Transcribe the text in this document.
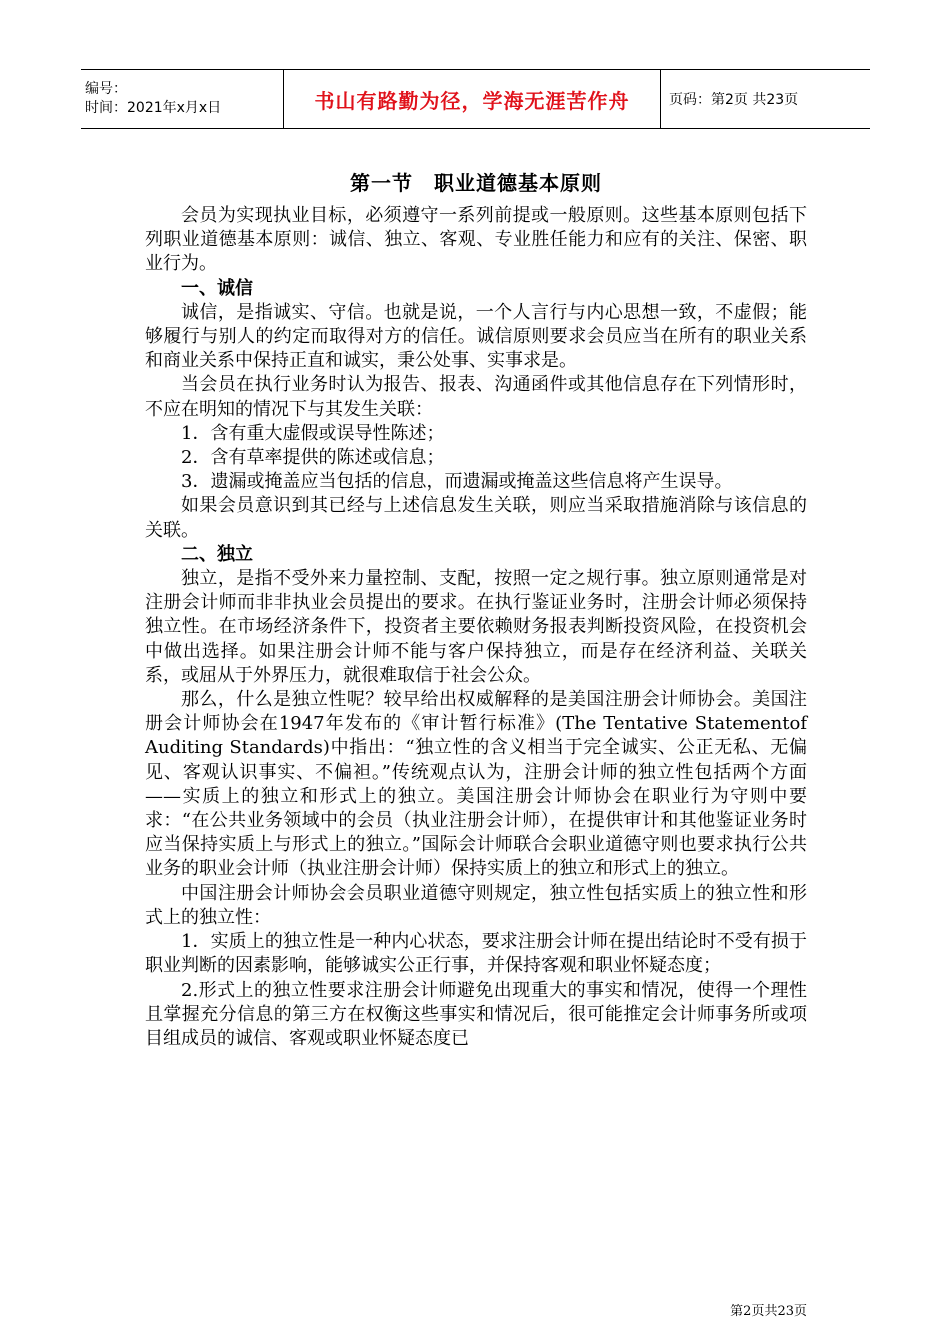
编号：
时间：2021年x月x日	书山有路勤为径，学海无涯苦作舟	页码：第2页 共23页
第一节　职业道德基本原则

会员为实现执业目标，必须遵守一系列前提或一般原则。这些基本原则包括下列职业道德基本原则：诚信、独立、客观、专业胜任能力和应有的关注、保密、职业行为。

一、诚信

诚信，是指诚实、守信。也就是说，一个人言行与内心思想一致，不虚假；能够履行与别人的约定而取得对方的信任。诚信原则要求会员应当在所有的职业关系和商业关系中保持正直和诚实，秉公处事、实事求是。

当会员在执行业务时认为报告、报表、沟通函件或其他信息存在下列情形时，不应在明知的情况下与其发生关联：

1．含有重大虚假或误导性陈述；

2．含有草率提供的陈述或信息；

3．遗漏或掩盖应当包括的信息，而遗漏或掩盖这些信息将产生误导。

如果会员意识到其已经与上述信息发生关联，则应当采取措施消除与该信息的关联。

二、独立

独立，是指不受外来力量控制、支配，按照一定之规行事。独立原则通常是对注册会计师而非非执业会员提出的要求。在执行鉴证业务时，注册会计师必须保持独立性。在市场经济条件下，投资者主要依赖财务报表判断投资风险，在投资机会中做出选择。如果注册会计师不能与客户保持独立，而是存在经济利益、关联关系，或屈从于外界压力，就很难取信于社会公众。

那么，什么是独立性呢？较早给出权威解释的是美国注册会计师协会。美国注册会计师协会在1947年发布的《审计暂行标准》(The Tentative Statementof Auditing Standards)中指出：“独立性的含义相当于完全诚实、公正无私、无偏见、客观认识事实、不偏袒。”传统观点认为，注册会计师的独立性包括两个方面——实质上的独立和形式上的独立。美国注册会计师协会在职业行为守则中要求：“在公共业务领域中的会员（执业注册会计师），在提供审计和其他鉴证业务时应当保持实质上与形式上的独立。”国际会计师联合会职业道德守则也要求执行公共业务的职业会计师（执业注册会计师）保持实质上的独立和形式上的独立。

中国注册会计师协会会员职业道德守则规定，独立性包括实质上的独立性和形式上的独立性：

1．实质上的独立性是一种内心状态，要求注册会计师在提出结论时不受有损于职业判断的因素影响，能够诚实公正行事，并保持客观和职业怀疑态度；

2.形式上的独立性要求注册会计师避免出现重大的事实和情况，使得一个理性且掌握充分信息的第三方在权衡这些事实和情况后，很可能推定会计师事务所或项目组成员的诚信、客观或职业怀疑态度已

第2页共23页
